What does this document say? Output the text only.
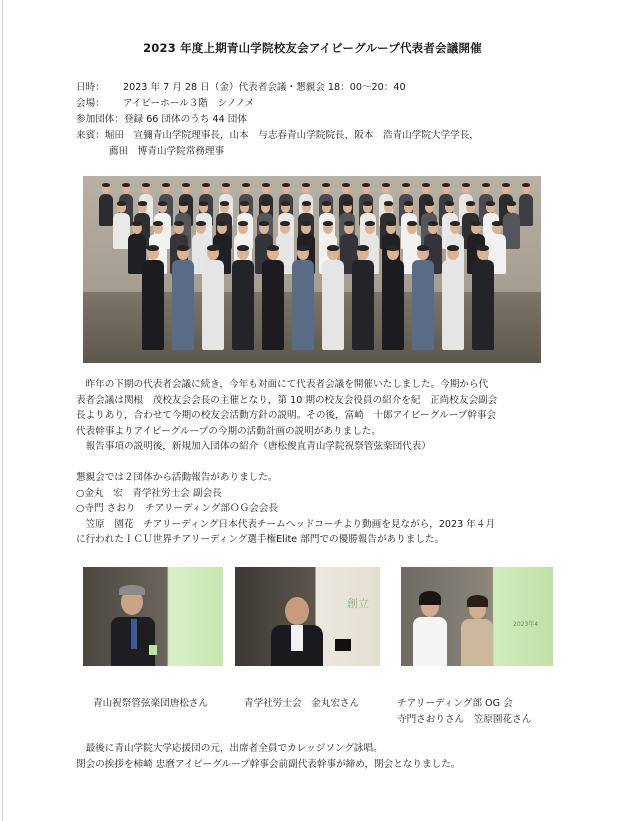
2023 年度上期青山学院校友会アイビーグループ代表者会議開催
日時： 2023 年 7 月 28 日（金）代表者会議・懇親会 18：00〜20：40
会場： アイビーホール３階　シノノメ
参加団体：登録 66 団体のうち 44 団体
来賓：堀田　宣彌青山学院理事長，山本　与志春青山学院院長，阪本　浩青山学院大学学長，
薦田　博青山学院常務理事
　昨年の下期の代表者会議に続き，今年も対面にて代表者会議を開催いたしました。今期から代
表者会議は関根　茂校友会会長の主催となり，第 10 期の校友会役員の紹介を紀　正尚校友会副会
長よりあり，合わせて今期の校友会活動方針の説明。その後，富崎　十郎アイビーグループ幹事会
代表幹事よりアイビーグループの今期の活動計画の説明がありました。
　報告事項の説明後，新規加入団体の紹介（唐松俊直青山学院祝祭管弦楽団代表）
懇親会では２団体から活動報告がありました。
○金丸　宏　青学社労士会 副会長
○寺門 さおり　チアリーディング部ＯＧ会会長
　笠原　園花　チアリーディング日本代表チームヘッドコーチより動画を見ながら，2023 年４月
に行われたＩＣＵ世界チアリーディング選手権Elite 部門での優勝報告がありました。
創立
2023年4
青山祝祭管弦楽団唐松さん	青学社労士会　金丸宏さん	チアリーディング部 OG 会
寺門さおりさん　笠原園花さん
　最後に青山学院大学応援団の元，出席者全員でカレッジソング詠唱。
閉会の挨拶を柿崎 忠麿アイビーグループ幹事会前副代表幹事が締め，閉会となりました。
